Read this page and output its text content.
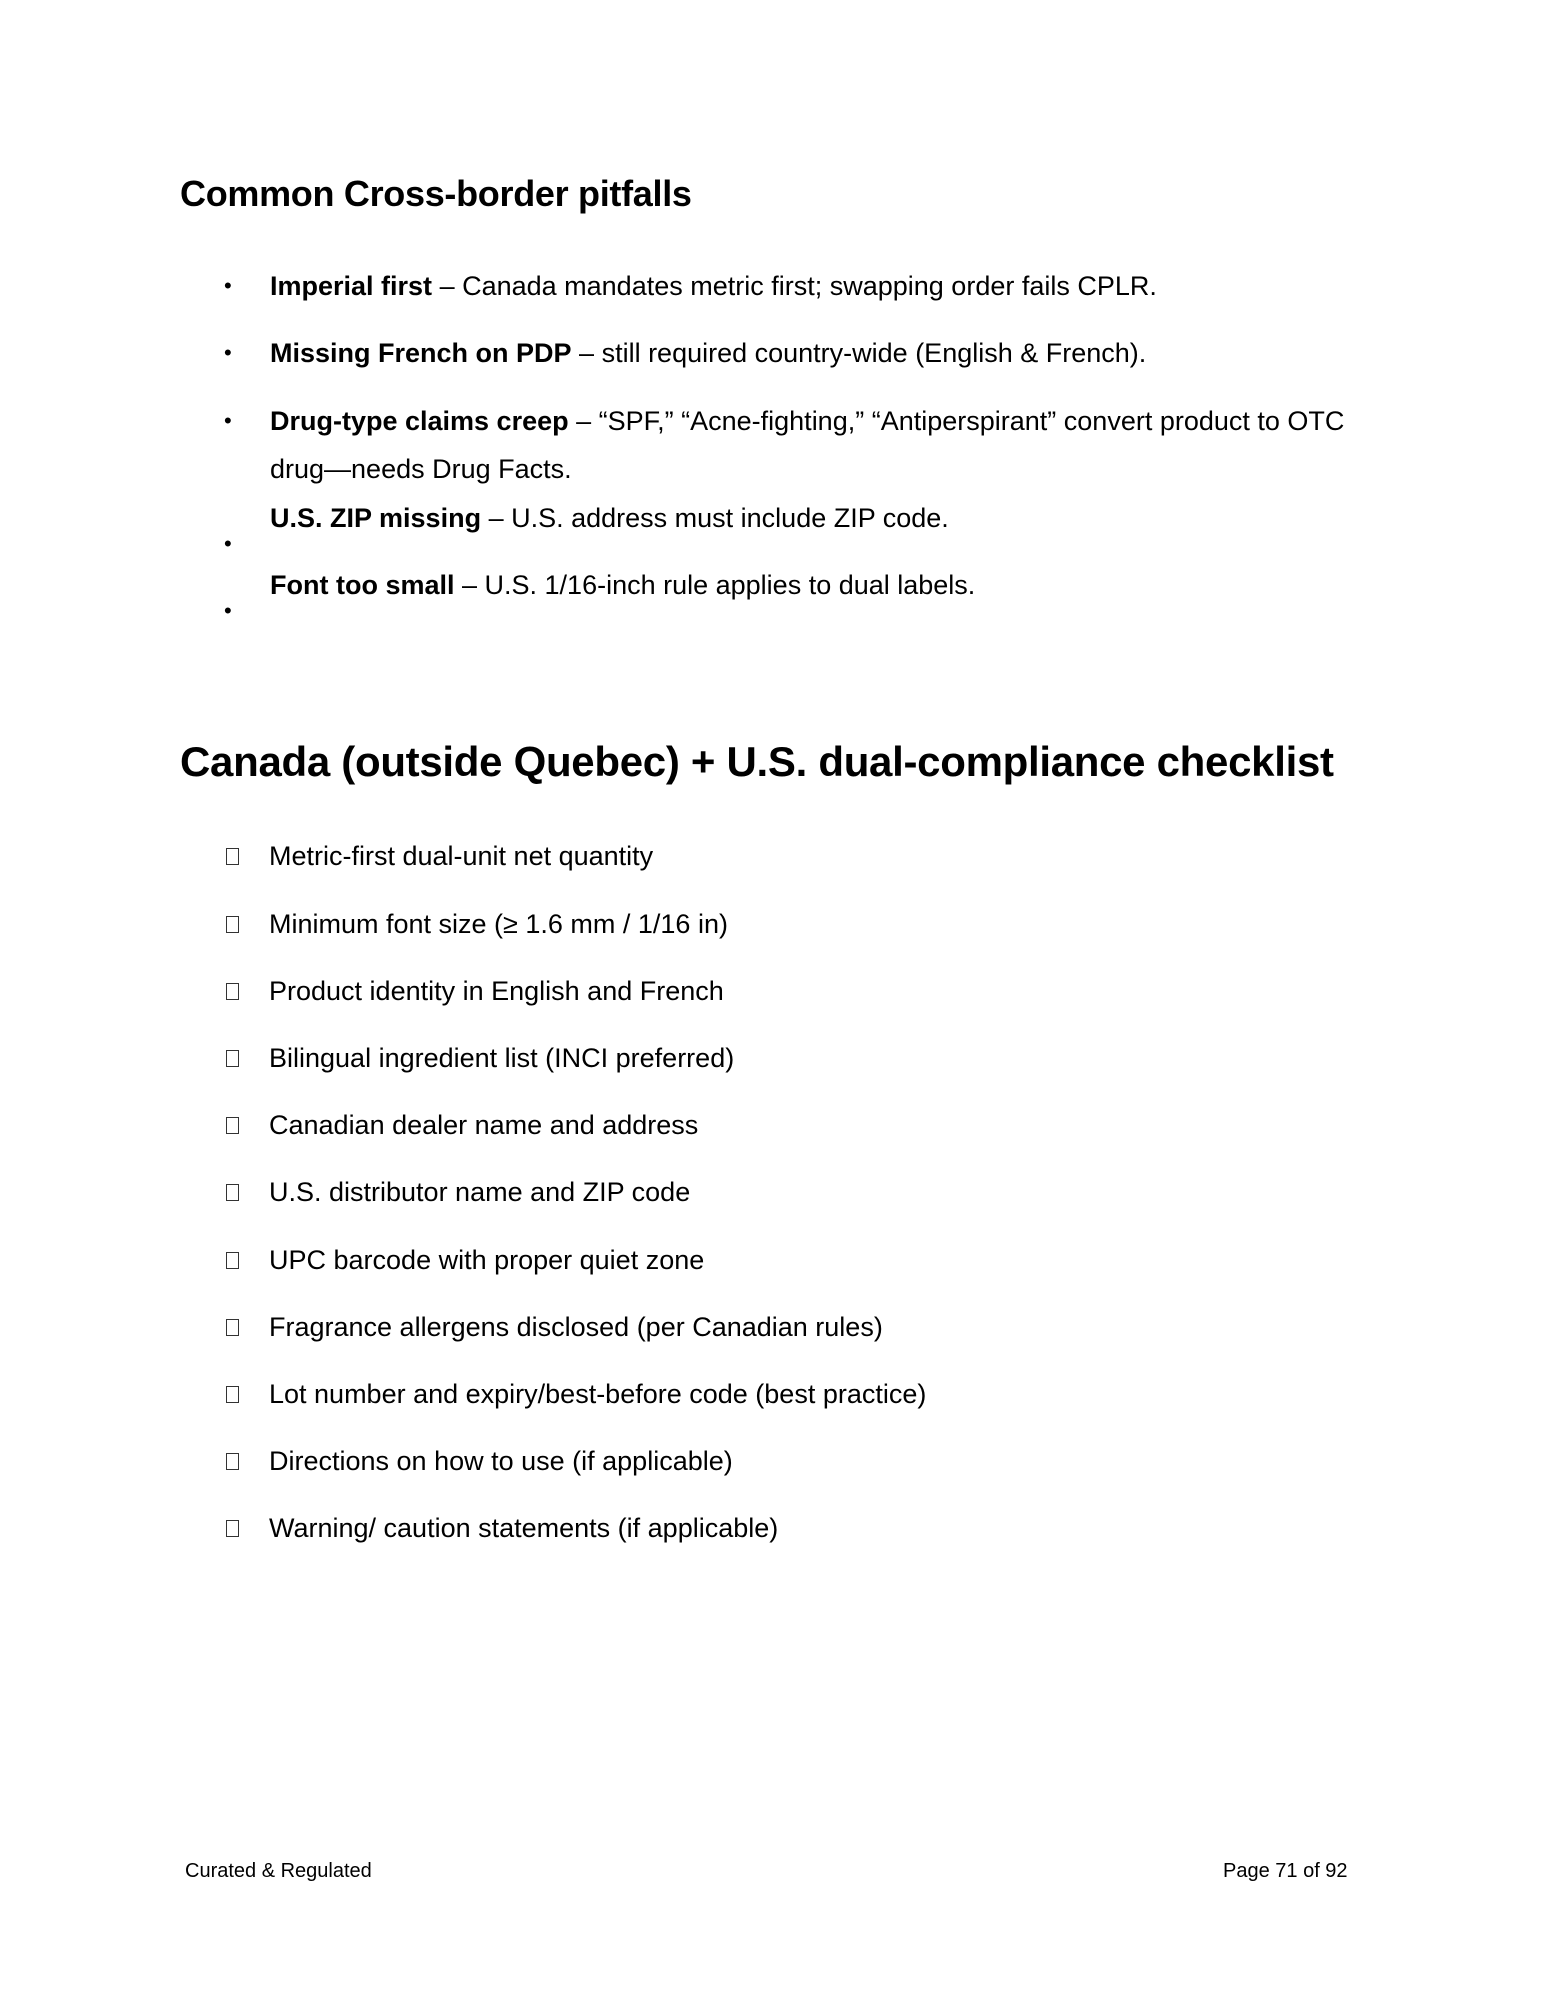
Common Cross-border pitfalls
• Imperial first – Canada mandates metric first; swapping order fails CPLR.
• Missing French on PDP – still required country-wide (English & French).
• Drug-type claims creep – “SPF,” “Acne-fighting,” “Antiperspirant” convert product to OTC drug—needs Drug Facts.
•
U.S. ZIP missing – U.S. address must include ZIP code.
•
Font too small – U.S. 1/16-inch rule applies to dual labels.
Canada (outside Quebec) + U.S. dual-compliance checklist
Metric-first dual-unit net quantity
Minimum font size (≥ 1.6 mm / 1/16 in)
Product identity in English and French
Bilingual ingredient list (INCI preferred)
Canadian dealer name and address
U.S. distributor name and ZIP code
UPC barcode with proper quiet zone
Fragrance allergens disclosed (per Canadian rules)
Lot number and expiry/best-before code (best practice)
Directions on how to use (if applicable)
Warning/ caution statements (if applicable)
Curated & Regulated	Page 71 of 92
